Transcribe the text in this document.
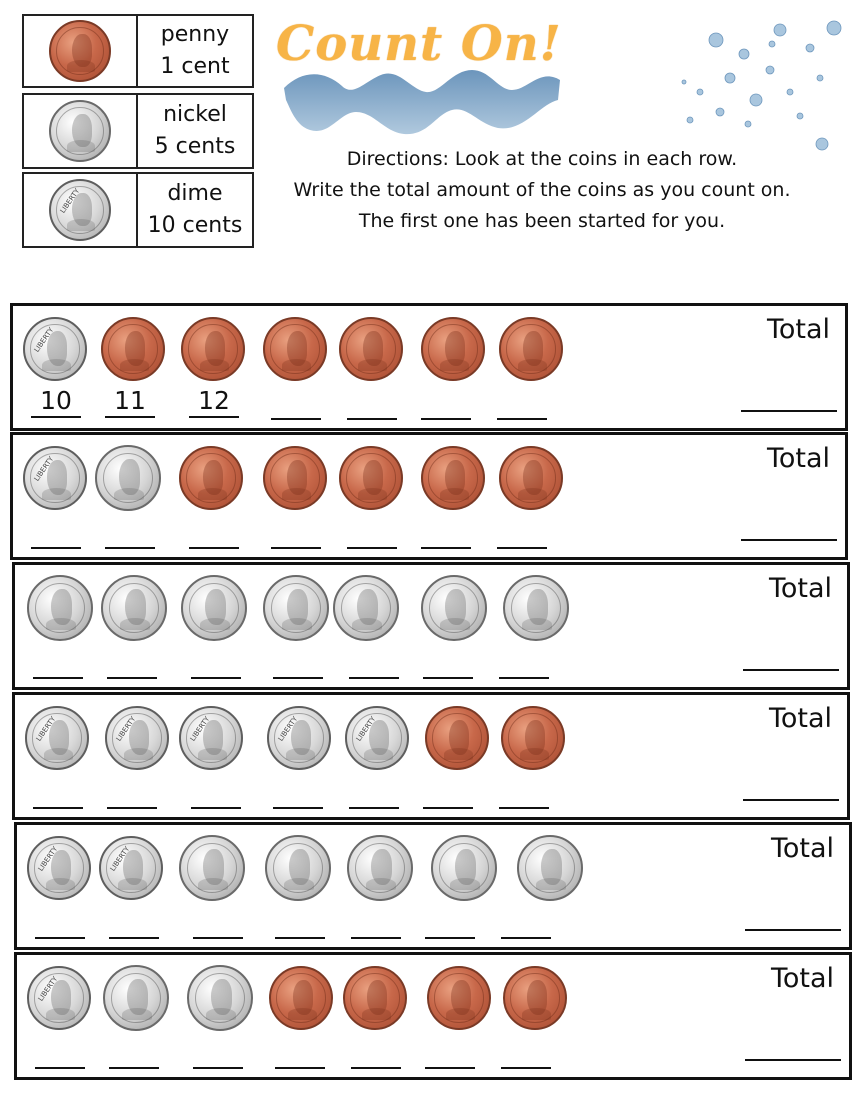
penny
1 cent
nickel
5 cents
LIBERTY	dime
10 cents
Count On!
Directions: Look at the coins in each row.
Write the total amount of the coins as you count on.
The first one has been started for you.
LIBERTY
10	11	12
Total
LIBERTY	Total
Total
LIBERTY	LIBERTY	LIBERTY	LIBERTY	LIBERTY	Total
LIBERTY	LIBERTY	Total
LIBERTY	Total
